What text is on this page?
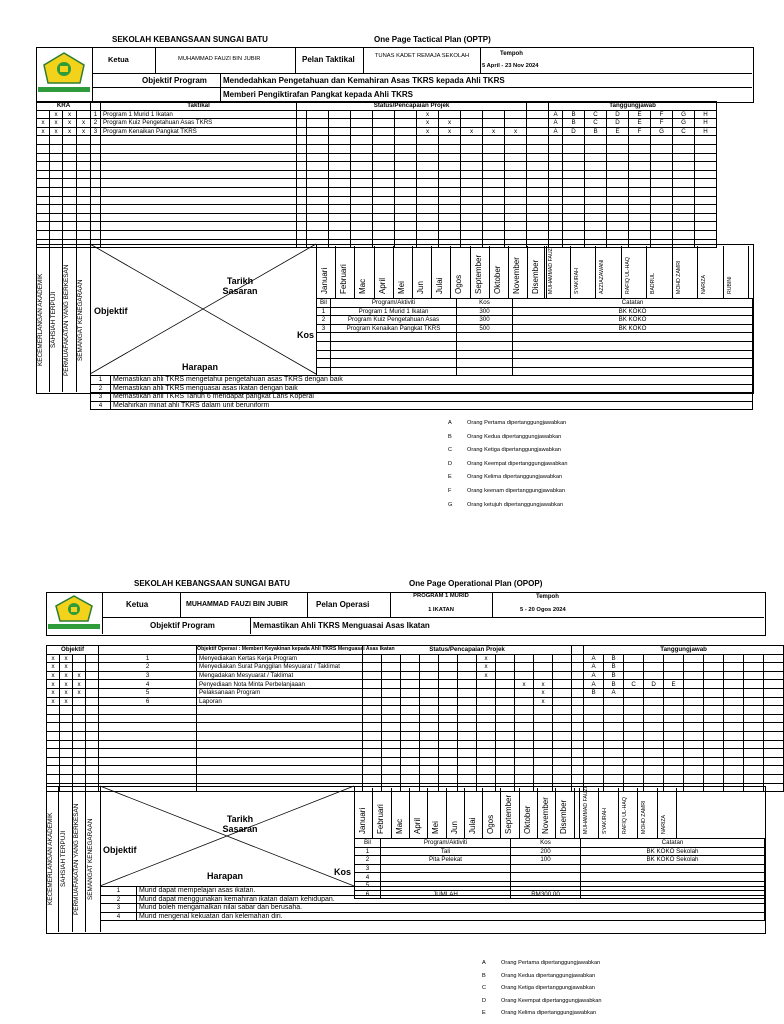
SEKOLAH KEBANGSAAN SUNGAI BATU	One Page Tactical Plan (OPTP)
Ketua	MUHAMMAD FAUZI BIN JUBIR	Pelan Taktikal	TUNAS KADET REMAJA SEKOLAH	Tempoh
5 April - 23 Nov 2024
Objektif Program Mendedahkan Pengetahuan dan Kemahiran Asas TKRS kepada Ahli TKRS
Memberi Pengiktirafan Pangkat kepada Ahli TKRS
KRA					Taktikal	Status/Pencapaian Projek												Tanggungjawab							
	x	x		1	Program 1 Murid 1 Ikatan							x						A	B	C	D	E	F	G	H
x	x	x	x	2	Program Kuiz Pengetahuan Asas TKRS							x	x					A	B	C	D	E	F	G	H
x	x	x	x	3	Program Kenaikan Pangkat TKRS							x	x	x	x	x		A	D	B	E	F	G	C	H

KECEMERLANGAN AKADEMIK SAHSIAH TERPUJI PERMUAFAKATAN YANG BERKESAN SEMANGAT KENEGARAAN	Tarikh Sasaran
Objektif
Harapan
Kos
Januari Februari Mac April Mei Jun Julai Ogos September Oktober November Disember MUHAMMAD FAUZI	SYAKIRAH	AZZIAZAWANI	RAFIQ UL-HAQ	BADRUL	MOHD ZAMRI	NARIZA	RUBINI
Bil	Program/Aktiviti	Kos	Catatan
1	Program 1 Murid 1 Ikatan	300	BK KOKO
2	Program Kuiz Pengetahuan Asas	300	BK KOKO
3	Program Kenaikan Pangkat TKRS	500	BK KOKO

1	Memastikan ahli TKRS mengetahui pengetahuan asas TKRS dengan baik
2	Memastikan ahli TKRS menguasai asas ikatan dengan baik
3	Memastikan ahli TKRS Tahun 6 mendapat pangkat Lans Koperal
4	Melahirkan minat ahli TKRS dalam unit beruniform
A	Orang Pertama dipertanggungjawabkan
B	Orang Kedua dipertanggungjawabkan
C	Orang Ketiga dipertanggungjawabkan
D	Orang Keempat dipertanggungjawabkan
E	Orang Kelima dipertanggungjawabkan
F	Orang keenam dipertanggungjawabkan
G	Orang ketujuh dipertanggungjawabkan
SEKOLAH KEBANGSAAN SUNGAI BATU	One Page Operational Plan (OPOP)
Ketua	MUHAMMAD FAUZI BIN JUBIR	Pelan Operasi
PROGRAM 1 MURID
1 IKATAN
Tempoh
5 - 20 Ogos 2024
Objektif Program	Memastikan Ahli TKRS Menguasai Asas Ikatan
Objektif					Objektif Operasi : Memberi Keyakinan kepada Ahli TKRS Menguasai Asas Ikatan	Status/Pencapaian Projek												Tanggungjawab									
x	x			1	Menyediakan Kertas Kerja Program							x						A	B								
x	x			2	Menyediakan Surat Panggilan Mesyuarat / Taklimat							x						A	B								
x	x	x		3	Mengadakan Mesyuarat / Taklimat							x						A	B								
x	x	x		4	Penyediaan Nota Minta Perbelanjaaan									x	x			A	B	C	D	E					
x	x	x		5	Pelaksanaan Program										x			B	A								
x	x			6	Laporan										x												

KECEMERLANGAN AKADEMIK SAHSIAH TERPUJI PERMUAFAKATAN YANG BERKESAN SEMANGAT KENEGARAAN	Tarikh Sasaran
Objektif
Harapan	Kos
Januari Februari Mac April Mei Jun Julai Ogos September Oktober November Disember	MUHAMMAD FAUZI	SYAKIRAH	RAFIQ UL-HAQ	MOHD ZAMRI	NARIZA
Bil	Program/Aktiviti	Kos	Catatan
1	Tali	200	BK KOKO Sekolah
2	Pita Pelekat	100	BK KOKO Sekolah
3			
4			
5			
6	JUMLAH	RM300.00	
1	Murid dapat mempelajari asas ikatan.
2	Murid dapat menggunakan kemahiran ikatan dalam kehidupan.
3	Murid boleh mengamalkan nilai sabar dan berusaha.
4	Murid mengenal kekuatan dan kelemahan diri.
A	Orang Pertama dipertanggungjawabkan
B	Orang Kedua dipertanggungjawabkan
C	Orang Ketiga dipertanggungjawabkan
D	Orang Keempat dipertanggungjawabkan
E	Orang Kelima dipertanggungjawabkan
